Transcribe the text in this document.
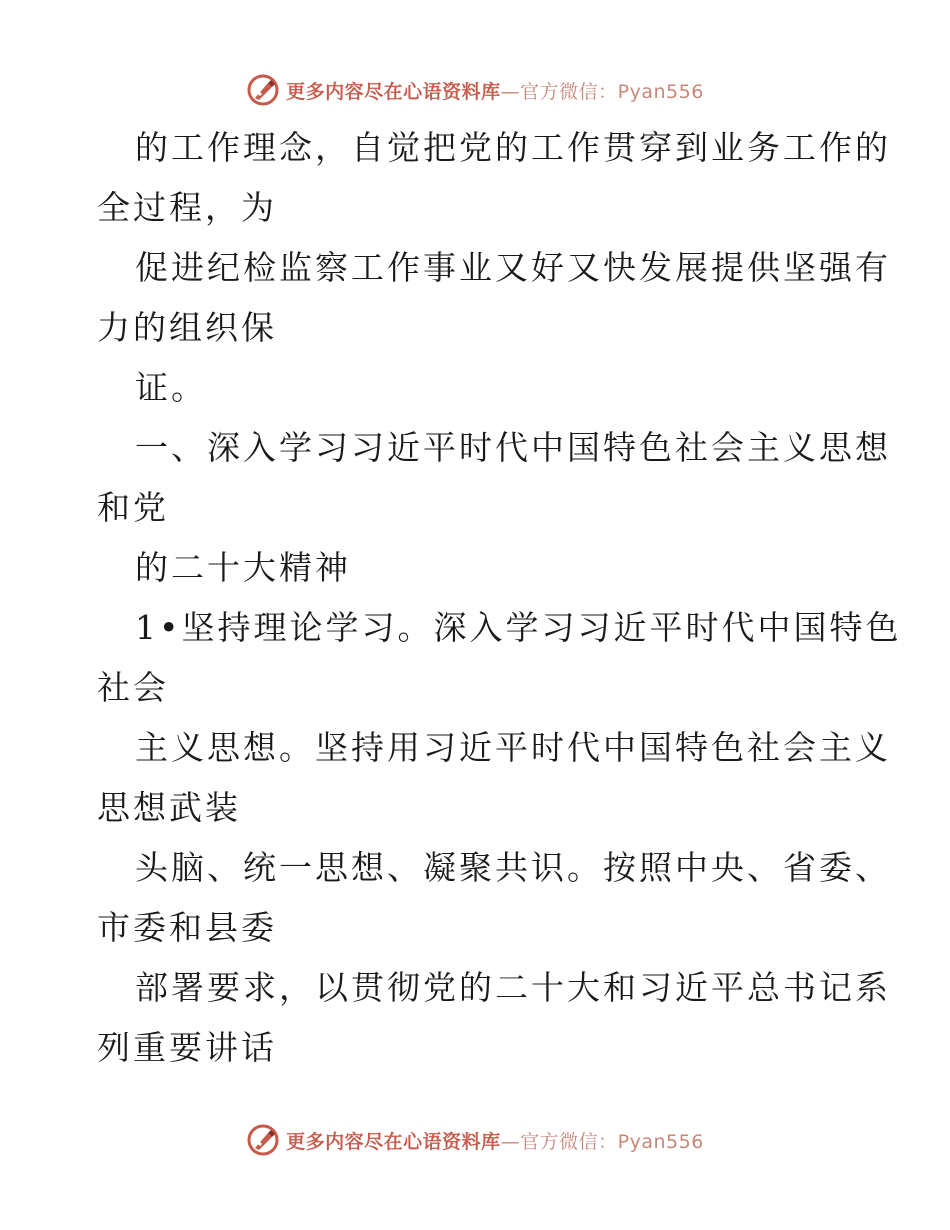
更多内容尽在心语资料库—官方微信：Pyan556

的工作理念，自觉把党的工作贯穿到业务工作的

全过程，为

促进纪检监察工作事业又好又快发展提供坚强有

力的组织保

证。

一、深入学习习近平时代中国特色社会主义思想

和党

的二十大精神

1•坚持理论学习。深入学习习近平时代中国特色

社会

主义思想。坚持用习近平时代中国特色社会主义

思想武装

头脑、统一思想、凝聚共识。按照中央、省委、

市委和县委

部署要求，以贯彻党的二十大和习近平总书记系

列重要讲话

更多内容尽在心语资料库—官方微信：Pyan556
